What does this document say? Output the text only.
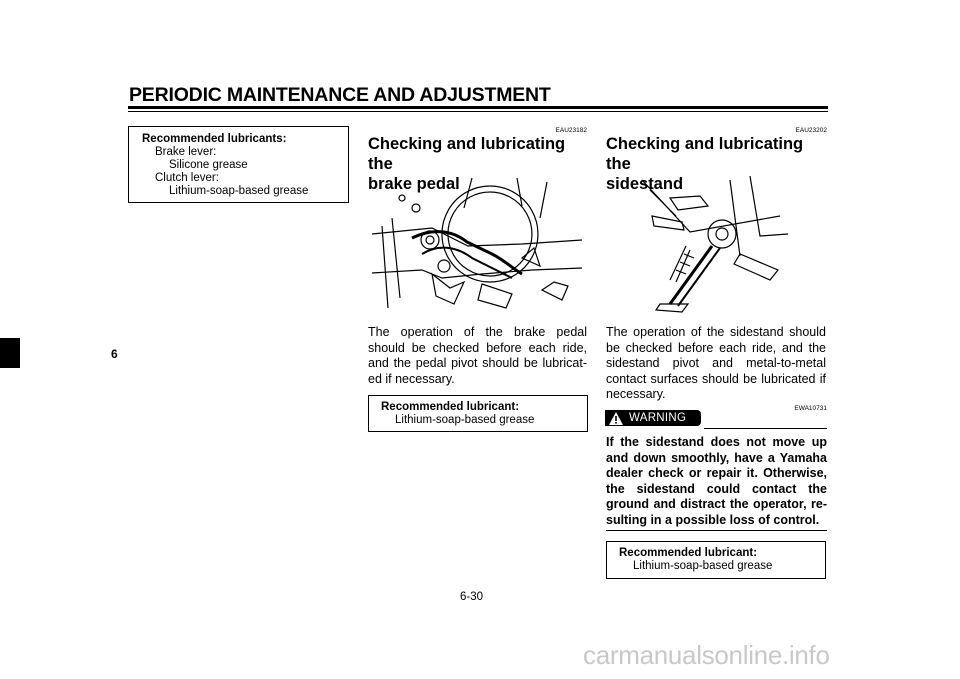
PERIODIC MAINTENANCE AND ADJUSTMENT
6
Recommended lubricants:
Brake lever:
Silicone grease
Clutch lever:
Lithium-soap-based grease
EAU23182
Checking and lubricating the
brake pedal
The operation of the brake pedal should be checked before each ride, and the pedal pivot should be lubricat-ed if necessary.
Recommended lubricant:
Lithium-soap-based grease
EAU23202
Checking and lubricating the
sidestand
The operation of the sidestand should be checked before each ride, and the sidestand pivot and metal-to-metal contact surfaces should be lubricated if necessary.
EWA10731
WARNING
If the sidestand does not move up and down smoothly, have a Yamaha dealer check or repair it. Otherwise, the sidestand could contact the ground and distract the operator, re-sulting in a possible loss of control.
Recommended lubricant:
Lithium-soap-based grease
6-30
carmanualsonline.info
